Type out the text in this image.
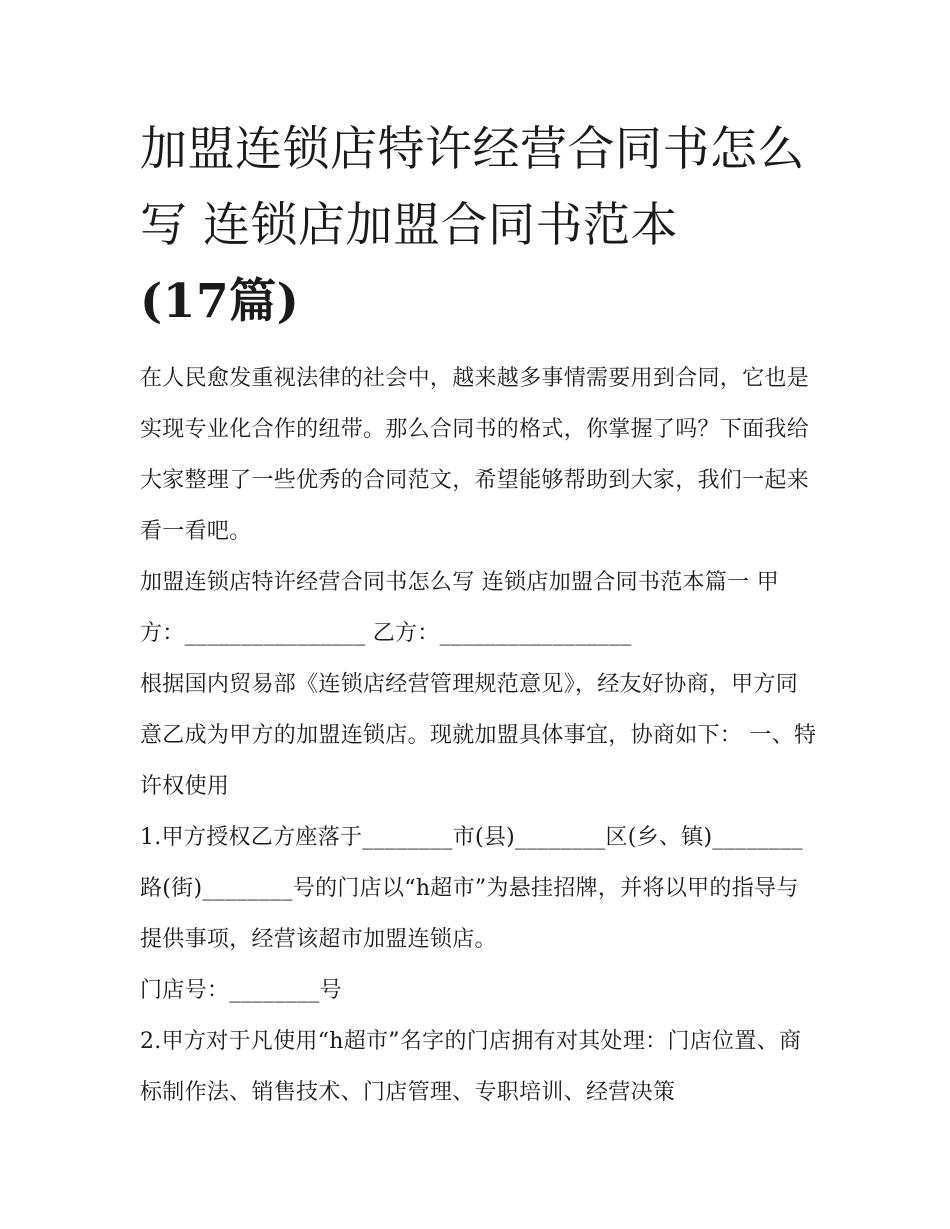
加盟连锁店特许经营合同书怎么写 连锁店加盟合同书范本
(17篇)

在人民愈发重视法律的社会中，越来越多事情需要用到合同，它也是实现专业化合作的纽带。那么合同书的格式，你掌握了吗？下面我给大家整理了一些优秀的合同范文，希望能够帮助到大家，我们一起来看一看吧。

加盟连锁店特许经营合同书怎么写 连锁店加盟合同书范本篇一 甲方：________________ 乙方：_________________

根据国内贸易部《连锁店经营管理规范意见》，经友好协商，甲方同意乙成为甲方的加盟连锁店。现就加盟具体事宜，协商如下： 一、特许权使用

1.甲方授权乙方座落于________市(县)________区(乡、镇)________路(街)________号的门店以“h超市”为悬挂招牌，并将以甲的指导与提供事项，经营该超市加盟连锁店。

门店号：________号

2.甲方对于凡使用“h超市”名字的门店拥有对其处理：门店位置、商标制作法、销售技术、门店管理、专职培训、经营决策
